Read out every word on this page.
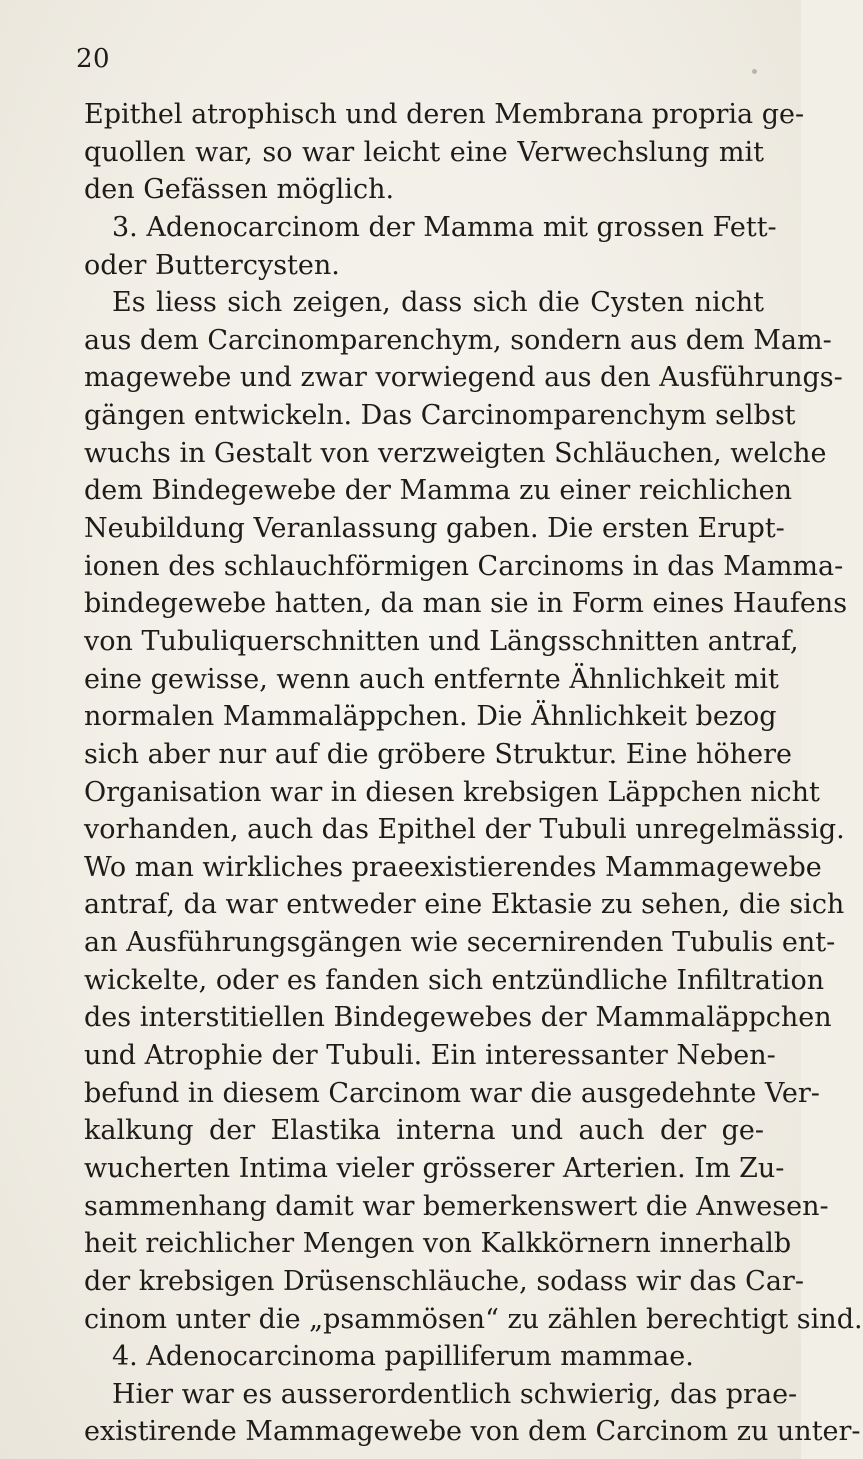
20
Epithel atrophisch und deren Membrana propria ge-
quollen war, so war leicht eine Verwechslung mit
den Gefässen möglich.
3. Adenocarcinom der Mamma mit grossen Fett-
oder Buttercysten.
Es liess sich zeigen, dass sich die Cysten nicht
aus dem Carcinomparenchym, sondern aus dem Mam-
magewebe und zwar vorwiegend aus den Ausführungs-
gängen entwickeln. Das Carcinomparenchym selbst
wuchs in Gestalt von verzweigten Schläuchen, welche
dem Bindegewebe der Mamma zu einer reichlichen
Neubildung Veranlassung gaben. Die ersten Erupt-
ionen des schlauchförmigen Carcinoms in das Mamma-
bindegewebe hatten, da man sie in Form eines Haufens
von Tubuliquerschnitten und Längsschnitten antraf,
eine gewisse, wenn auch entfernte Ähnlichkeit mit
normalen Mammaläppchen. Die Ähnlichkeit bezog
sich aber nur auf die gröbere Struktur. Eine höhere
Organisation war in diesen krebsigen Läppchen nicht
vorhanden, auch das Epithel der Tubuli unregelmässig.
Wo man wirkliches praeexistierendes Mammagewebe
antraf, da war entweder eine Ektasie zu sehen, die sich
an Ausführungsgängen wie secernirenden Tubulis ent-
wickelte, oder es fanden sich entzündliche Infiltration
des interstitiellen Bindegewebes der Mammaläppchen
und Atrophie der Tubuli. Ein interessanter Neben-
befund in diesem Carcinom war die ausgedehnte Ver-
kalkung der Elastika interna und auch der ge-
wucherten Intima vieler grösserer Arterien. Im Zu-
sammenhang damit war bemerkenswert die Anwesen-
heit reichlicher Mengen von Kalkkörnern innerhalb
der krebsigen Drüsenschläuche, sodass wir das Car-
cinom unter die „psammösen“ zu zählen berechtigt sind.
4. Adenocarcinoma papilliferum mammae.
Hier war es ausserordentlich schwierig, das prae-
existirende Mammagewebe von dem Carcinom zu unter-
